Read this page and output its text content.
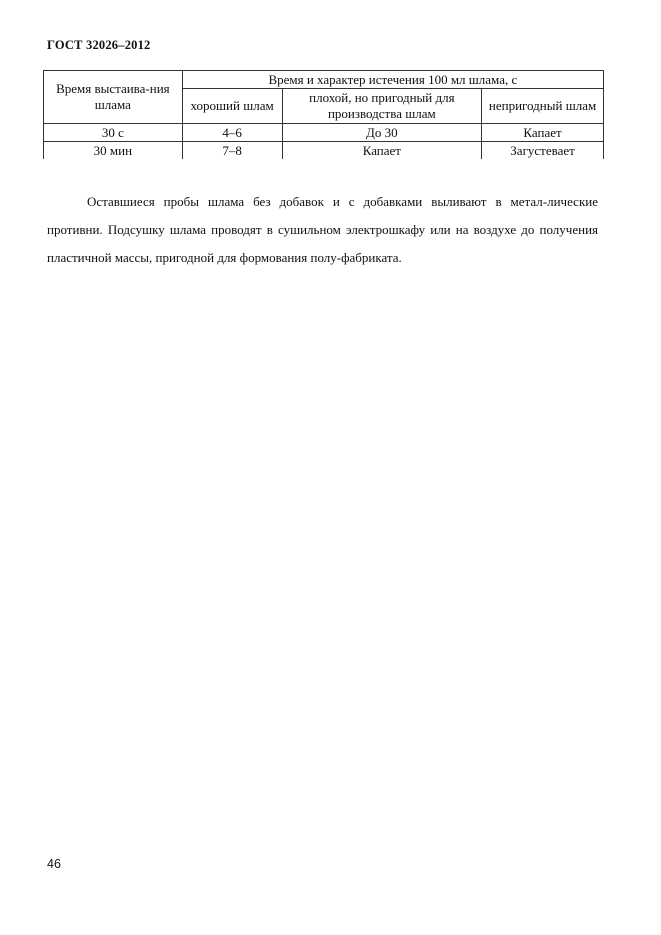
ГОСТ 32026–2012
Время выстаива-ния шлама	Время и характер истечения 100 мл шлама, с		
	хороший шлам	плохой, но пригодный для производства шлам	непригодный шлам
30 с	4–6	До 30	Капает
30 мин	7–8	Капает	Загустевает

Оставшиеся пробы шлама без добавок и с добавками выливают в метал-лические противни. Подсушку шлама проводят в сушильном электрошкафу или на воздухе до получения пластичной массы, пригодной для формования полу-фабриката.

46
